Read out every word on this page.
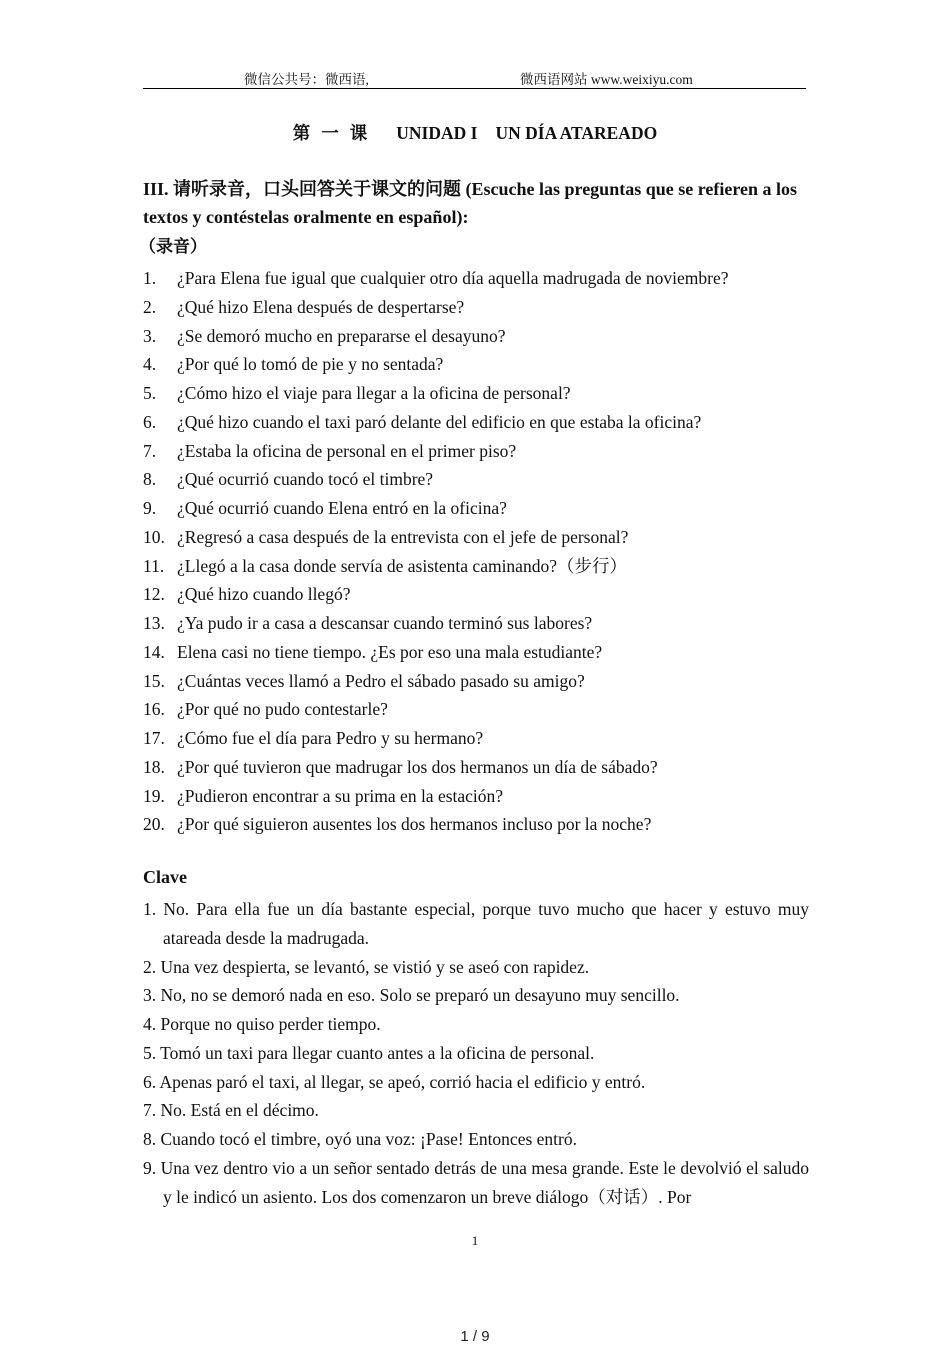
微信公共号：微西语,	微西语网站 www.weixiyu.com
第一课 UNIDAD I UN DÍA ATAREADO
III. 请听录音，口头回答关于课文的问题 (Escuche las preguntas que se refieren a los textos y contéstelas oralmente en español):
（录音）
1. ¿Para Elena fue igual que cualquier otro día aquella madrugada de noviembre?
2. ¿Qué hizo Elena después de despertarse?
3. ¿Se demoró mucho en prepararse el desayuno?
4. ¿Por qué lo tomó de pie y no sentada?
5. ¿Cómo hizo el viaje para llegar a la oficina de personal?
6. ¿Qué hizo cuando el taxi paró delante del edificio en que estaba la oficina?
7. ¿Estaba la oficina de personal en el primer piso?
8. ¿Qué ocurrió cuando tocó el timbre?
9. ¿Qué ocurrió cuando Elena entró en la oficina?
10. ¿Regresó a casa después de la entrevista con el jefe de personal?
11. ¿Llegó a la casa donde servía de asistenta caminando?（步行）
12. ¿Qué hizo cuando llegó?
13. ¿Ya pudo ir a casa a descansar cuando terminó sus labores?
14. Elena casi no tiene tiempo. ¿Es por eso una mala estudiante?
15. ¿Cuántas veces llamó a Pedro el sábado pasado su amigo?
16. ¿Por qué no pudo contestarle?
17. ¿Cómo fue el día para Pedro y su hermano?
18. ¿Por qué tuvieron que madrugar los dos hermanos un día de sábado?
19. ¿Pudieron encontrar a su prima en la estación?
20. ¿Por qué siguieron ausentes los dos hermanos incluso por la noche?
Clave
1. No. Para ella fue un día bastante especial, porque tuvo mucho que hacer y estuvo muy atareada desde la madrugada.
2. Una vez despierta, se levantó, se vistió y se aseó con rapidez.
3. No, no se demoró nada en eso. Solo se preparó un desayuno muy sencillo.
4. Porque no quiso perder tiempo.
5. Tomó un taxi para llegar cuanto antes a la oficina de personal.
6. Apenas paró el taxi, al llegar, se apeó, corrió hacia el edificio y entró.
7. No. Está en el décimo.
8. Cuando tocó el timbre, oyó una voz: ¡Pase! Entonces entró.
9. Una vez dentro vio a un señor sentado detrás de una mesa grande. Este le devolvió el saludo y le indicó un asiento. Los dos comenzaron un breve diálogo（对话）. Por
1
1 / 9
